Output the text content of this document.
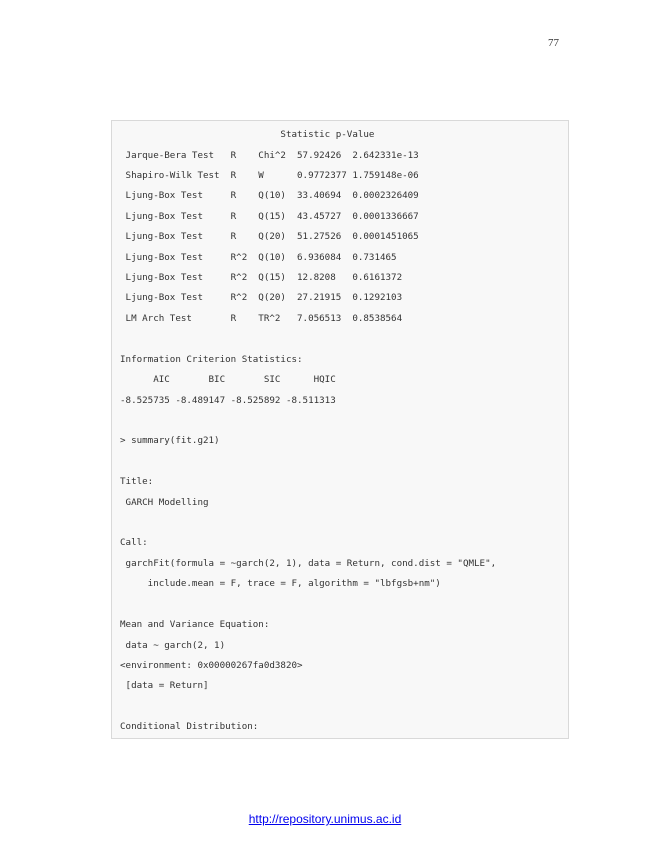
77
Statistic p-Value
Jarque-Bera Test   R    Chi^2  57.92426  2.642331e-13
Shapiro-Wilk Test  R    W      0.9772377 1.759148e-06
Ljung-Box Test     R    Q(10)  33.40694  0.0002326409
Ljung-Box Test     R    Q(15)  43.45727  0.0001336667
Ljung-Box Test     R    Q(20)  51.27526  0.0001451065
Ljung-Box Test     R^2  Q(10)  6.936084  0.731465
Ljung-Box Test     R^2  Q(15)  12.8208   0.6161372
Ljung-Box Test     R^2  Q(20)  27.21915  0.1292103
LM Arch Test       R    TR^2   7.056513  0.8538564
Information Criterion Statistics:
AIC       BIC       SIC      HQIC
-8.525735 -8.489147 -8.525892 -8.511313
> summary(fit.g21)
Title:
GARCH Modelling
Call:
garchFit(formula = ~garch(2, 1), data = Return, cond.dist = "QMLE",
include.mean = F, trace = F, algorithm = "lbfgsb+nm")
Mean and Variance Equation:
data ~ garch(2, 1)
<environment: 0x00000267fa0d3820>
[data = Return]
Conditional Distribution:
http://repository.unimus.ac.id
